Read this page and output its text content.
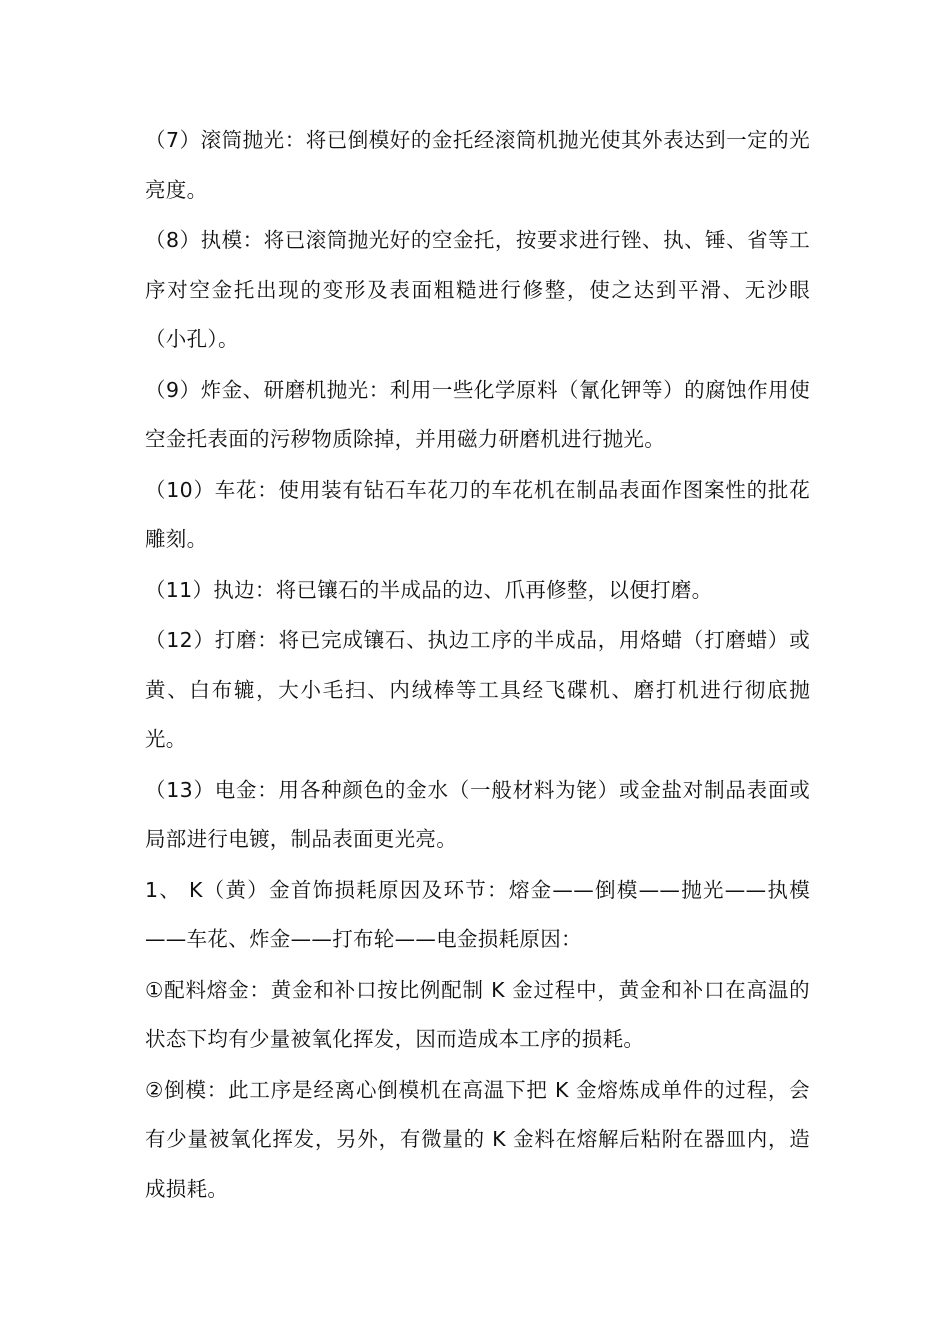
（7）滚筒抛光：将已倒模好的金托经滚筒机抛光使其外表达到一定的光亮度。

（8）执模：将已滚筒抛光好的空金托，按要求进行锉、执、锤、省等工序对空金托出现的变形及表面粗糙进行修整，使之达到平滑、无沙眼（小孔）。

（9）炸金、研磨机抛光：利用一些化学原料（氰化钾等）的腐蚀作用使空金托表面的污秽物质除掉，并用磁力研磨机进行抛光。

（10）车花：使用装有钻石车花刀的车花机在制品表面作图案性的批花雕刻。

（11）执边：将已镶石的半成品的边、爪再修整，以便打磨。

（12）打磨：将已完成镶石、执边工序的半成品，用烙蜡（打磨蜡）或黄、白布辘，大小毛扫、内绒棒等工具经飞碟机、磨打机进行彻底抛光。

（13）电金：用各种颜色的金水（一般材料为铑）或金盐对制品表面或局部进行电镀，制品表面更光亮。

1、 K（黄）金首饰损耗原因及环节：熔金——倒模——抛光——执模——车花、炸金——打布轮——电金损耗原因：

①配料熔金：黄金和补口按比例配制 K 金过程中，黄金和补口在高温的状态下均有少量被氧化挥发，因而造成本工序的损耗。

②倒模：此工序是经离心倒模机在高温下把 K 金熔炼成单件的过程，会有少量被氧化挥发，另外，有微量的 K 金料在熔解后粘附在器皿内，造成损耗。
